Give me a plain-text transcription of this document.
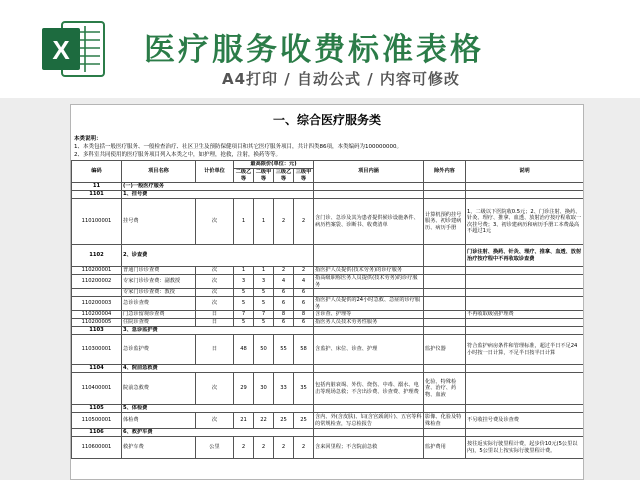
X 医疗服务收费标准表格
A4打印 / 自动公式 / 内容可修改
一、综合医疗服务类
本类说明：
1、本类包括一般医疗服务、一般检查治疗、社区卫生及预防保健项目和其它医疗服务项目，共计四类86项，本类编码为100000000。
2、多科室共同使用的医疗服务项目列入本类之中，如护理，抢救，注射，换药等等。
编码	项目名称	计价单位	最高限价(单位：元)				项目内涵	除外内容	说明
			二级乙等	二级甲等	三级乙等	三级甲等			
11	(一)一般医疗服务								
1101	1、挂号费								
110100001	挂号费	次	1	1	2	2	含门诊、急诊及其为患者提供候诊设施条件、病历档案袋、诊断书、收费清单	计算机预约挂号服务、初诊建病历、病历手册	1、二级以下医院收0.5元；2、门诊注射、换药、针灸、理疗、推拿、血透、放射治疗按疗程收取一次挂号费；3、初诊建病历和病历手册工本费最高不超过1元
1102	2、诊查费								门诊注射、换药、针灸、理疗、推拿、血透、放射治疗按疗程中不再收取诊查费
110200001	普通门诊诊查费	次	1	1	2	2	指医护人员提供(技术劳务)的诊疗服务		
110200002	专家门诊诊查费：副教授	次	3	3	4	4	指高级职称医务人员提供(技术劳务)的诊疗服务		
	专家门诊诊查费：教授	次	5	5	6	6			
110200003	急诊诊查费	次	5	5	6	6	指医护人员提供的24小时急救、急症的诊疗服务		
110200004	门急诊留观诊查费	日	7	7	8	8	含诊查、护理等		不再收取级别护理费
110200005	住院诊查费	日	5	5	6	6	指医务人员技术劳务性服务		
1103	3、急诊监护费								
110300001	急诊监护费	日	48	50	55	58	含监护、床位、诊查、护理	监护仪器	符合监护病房条件和管理标准，超过半日不足24小时按一日计算，不足半日按半日计算
1104	4、院前急救费								
110400001	院前急救费	次	29	30	33	35	包括内脏衰竭、外伤、烧伤、中毒、溺水、电击等现场急救；不含出诊费、诊查费、护理费	化验、特殊检查、治疗、药物、血液	
1105	5、体检费								
110500001	体检费	次	21	22	25	25	含内、外(含皮肤)、妇(含宫颈刮片)、五官等科的常规检查，写总检报告	影像、化验及特殊检查	不另收挂号费及诊查费
1106	6、救护车费								
110600001	救护车费	公里	2	2	2	2	含来回里程；不含院前急救	监护费用	按往返实际行驶里程计费，起步价10元(5公里以内)，5公里以上按实际行驶里程计费。
